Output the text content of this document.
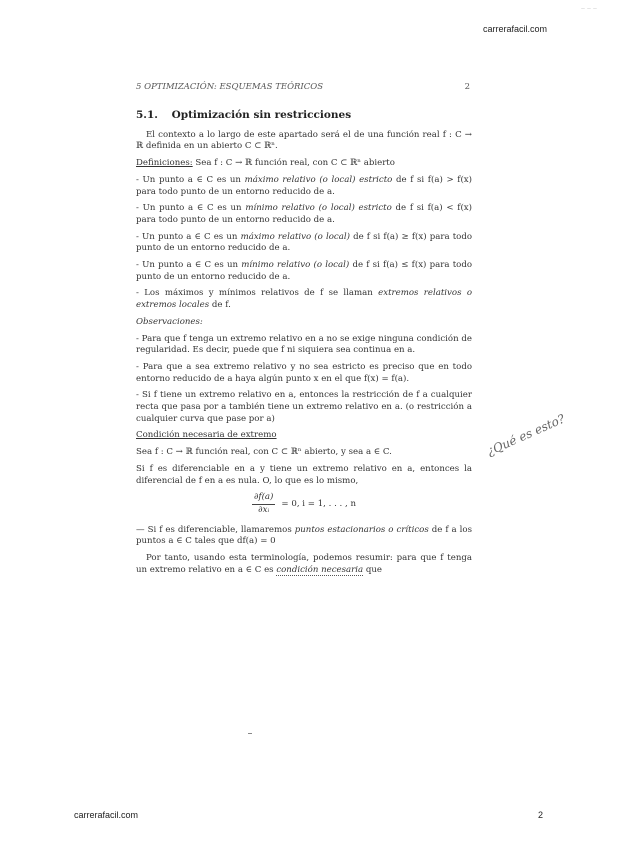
carrerafacil.com
~ ~ ~
5 OPTIMIZACIÓN: ESQUEMAS TEÓRICOS	2
5.1. Optimización sin restricciones

El contexto a lo largo de este apartado será el de una función real f : C → ℝ definida en un abierto C ⊂ ℝⁿ.

Definiciones: Sea f : C → ℝ función real, con C ⊂ ℝⁿ abierto

- Un punto a ∈ C es un máximo relativo (o local) estricto de f si f(a) > f(x) para todo punto de un entorno reducido de a.

- Un punto a ∈ C es un mínimo relativo (o local) estricto de f si f(a) < f(x) para todo punto de un entorno reducido de a.

- Un punto a ∈ C es un máximo relativo (o local) de f si f(a) ≥ f(x) para todo punto de un entorno reducido de a.

- Un punto a ∈ C es un mínimo relativo (o local) de f si f(a) ≤ f(x) para todo punto de un entorno reducido de a.

- Los máximos y mínimos relativos de f se llaman extremos relativos o extremos locales de f.

Observaciones:

- Para que f tenga un extremo relativo en a no se exige ninguna condición de regularidad. Es decir, puede que f ni siquiera sea continua en a.

- Para que a sea extremo relativo y no sea estricto es preciso que en todo entorno reducido de a haya algún punto x en el que f(x) = f(a).

- Si f tiene un extremo relativo en a, entonces la restricción de f a cualquier recta que pasa por a también tiene un extremo relativo en a. (o restricción a cualquier curva que pase por a)

Condición necesaria de extremo

Sea f : C → ℝ función real, con C ⊂ ℝⁿ abierto, y sea a ∈ C.

Si f es diferenciable en a y tiene un extremo relativo en a, entonces la diferencial de f en a es nula. O, lo que es lo mismo,

$\frac{\partial f(a)}{\text{∂xᵢ}} = 0$, i = 1, . . . , n

— Si f es diferenciable, llamaremos puntos estacionarios o críticos de f a los puntos a ∈ C tales que df(a) = 0

Por tanto, usando esta terminología, podemos resumir: para que f tenga un extremo relativo en a ∈ C es condición necesaria que

¿Qué es esto?
carrerafacil.com	2
